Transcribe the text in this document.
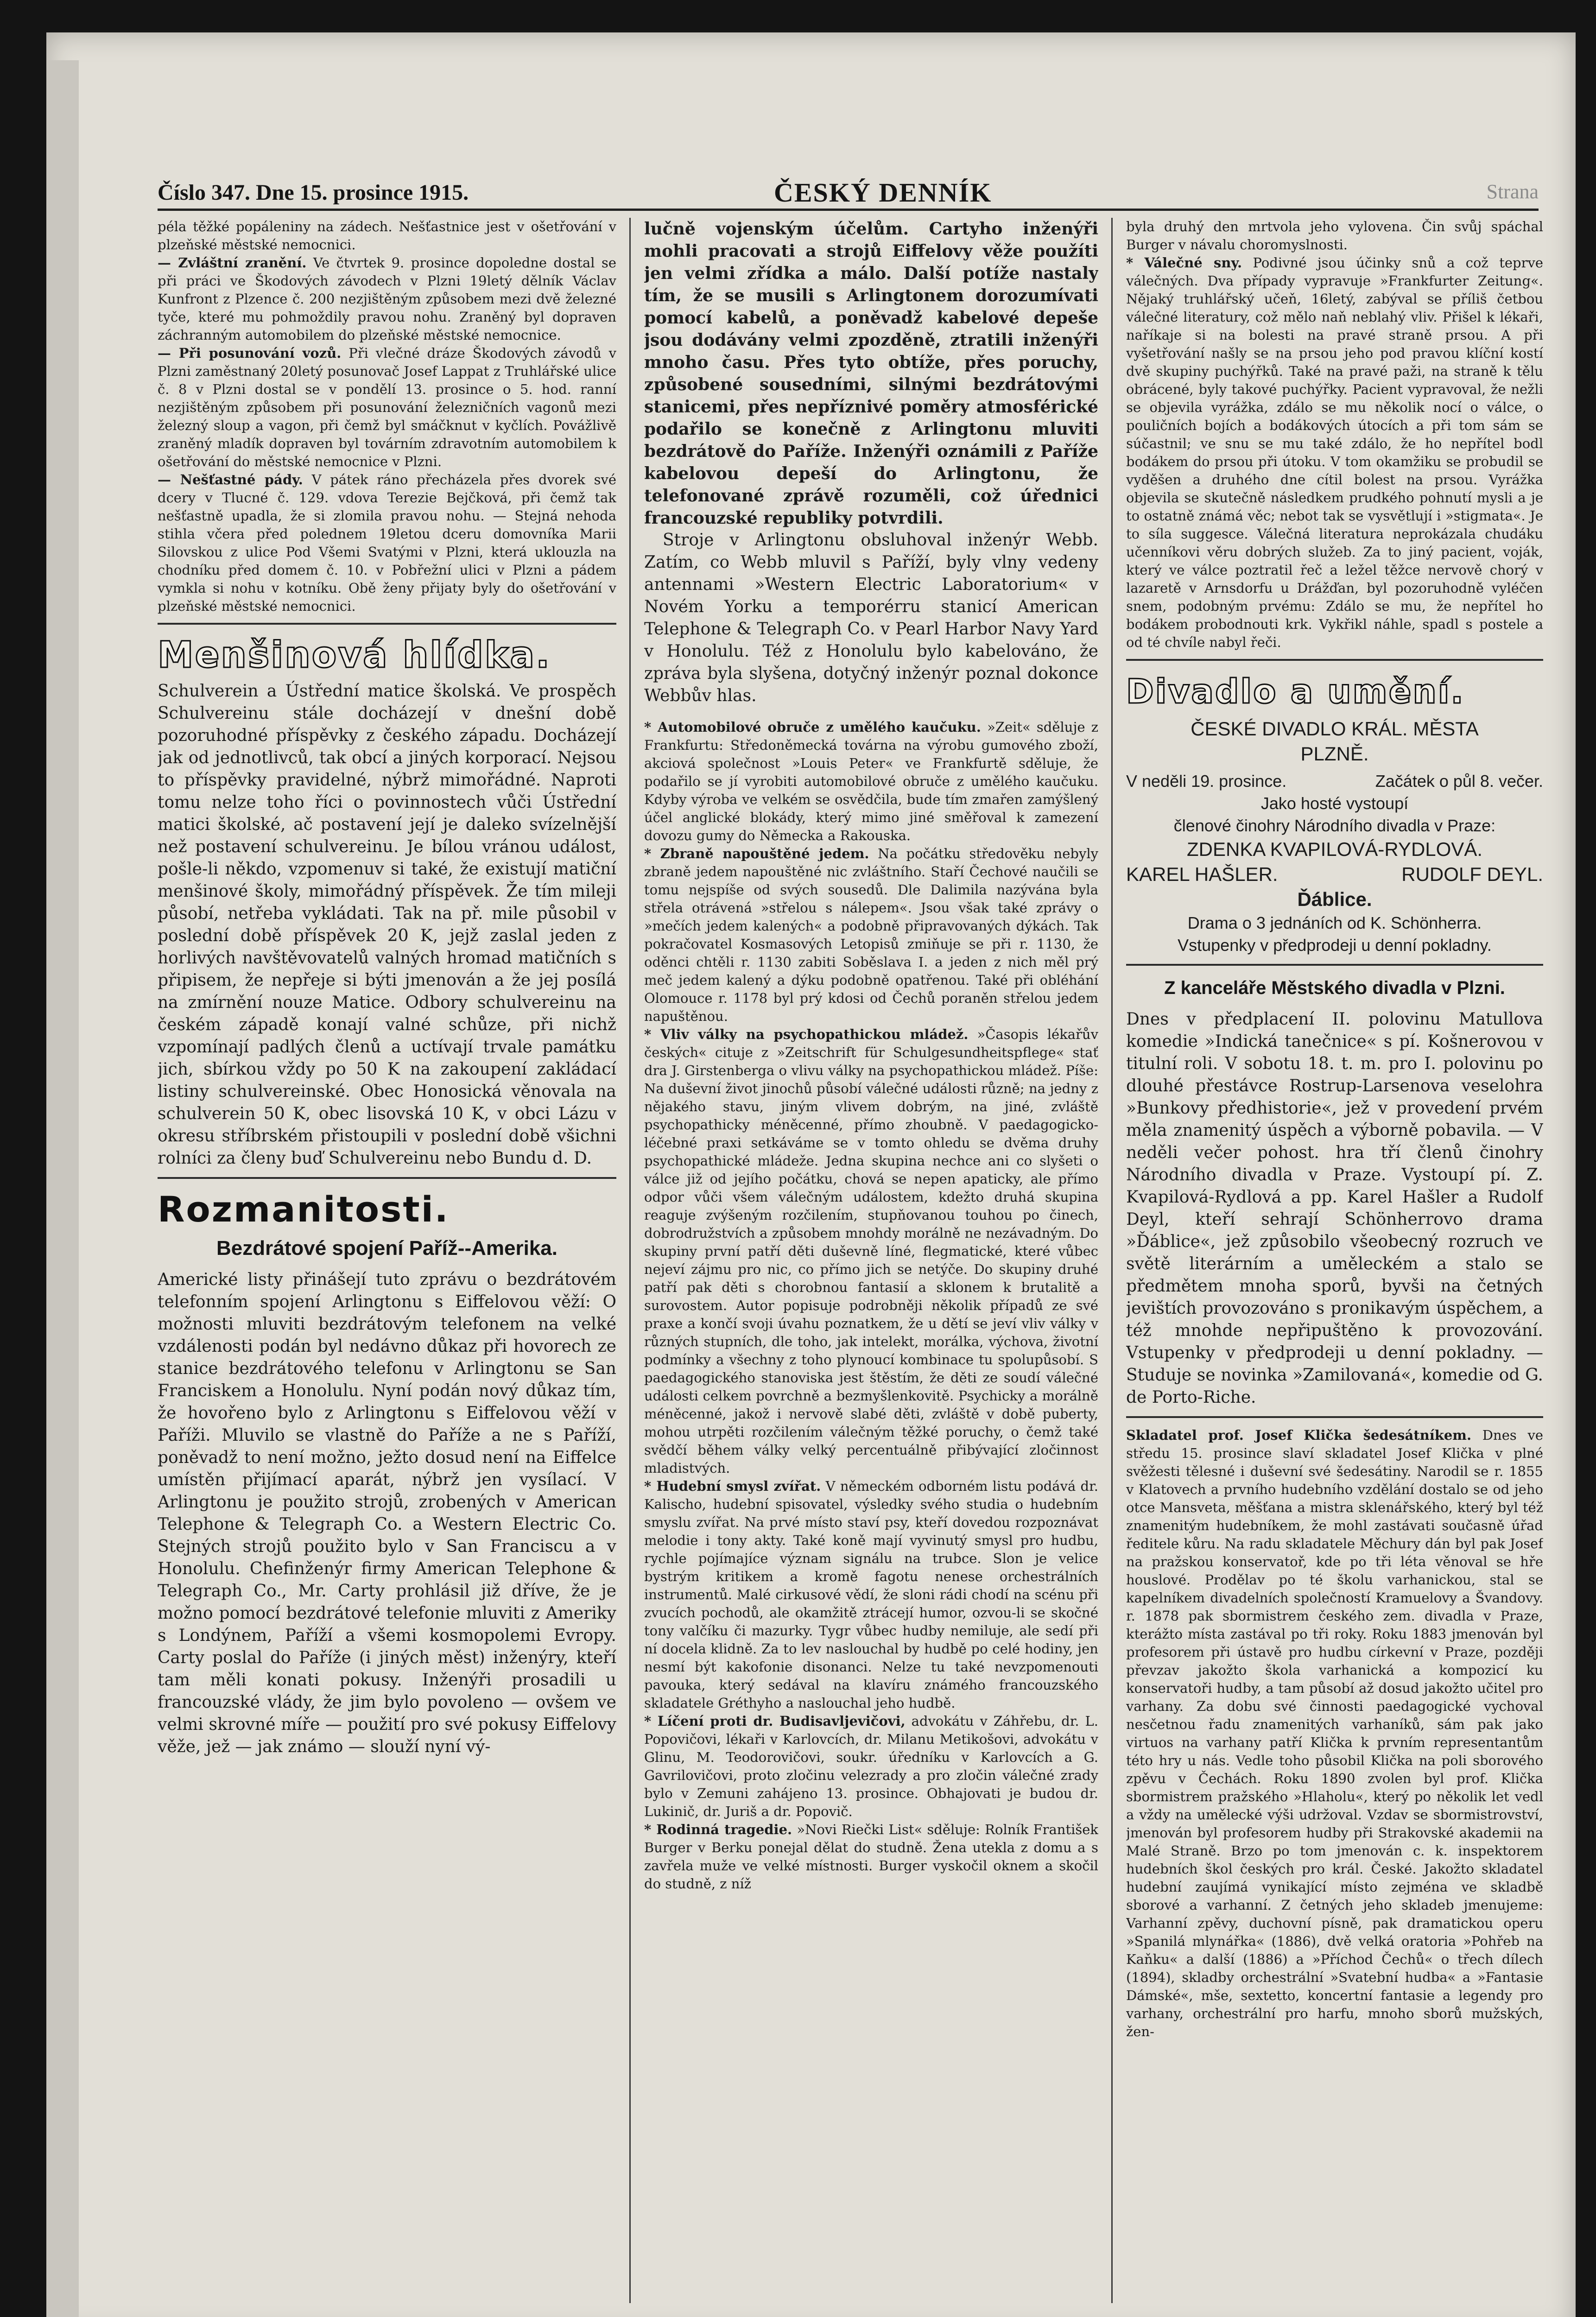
Číslo 347. Dne 15. prosince 1915.	ČESKÝ DENNÍK	Strana

péla těžké popáleniny na zádech. Nešťastnice jest v ošetřování v plzeňské městské nemocnici.

— Zvláštní zranění. Ve čtvrtek 9. prosince dopoledne dostal se při práci ve Škodových závodech v Plzni 19letý dělník Václav Kunfront z Plzence č. 200 nezjištěným způsobem mezi dvě železné tyče, které mu pohmoždily pravou nohu. Zraněný byl dopraven záchranným automobilem do plzeňské městské nemocnice.

— Při posunování vozů. Při vlečné dráze Škodových závodů v Plzni zaměstnaný 20letý posunovač Josef Lappat z Truhlářské ulice č. 8 v Plzni dostal se v pondělí 13. prosince o 5. hod. ranní nezjištěným způsobem při posunování železničních vagonů mezi železný sloup a vagon, při čemž byl smáčknut v kyčlích. Povážlivě zraněný mladík dopraven byl továrním zdravotním automobilem k ošetřování do městské nemocnice v Plzni.

— Nešťastné pády. V pátek ráno přecházela přes dvorek své dcery v Tlucné č. 129. vdova Terezie Bejčková, při čemž tak nešťastně upadla, že si zlomila pravou nohu. — Stejná nehoda stihla včera před polednem 19letou dceru domovníka Marii Silovskou z ulice Pod Všemi Svatými v Plzni, která uklouzla na chodníku před domem č. 10. v Pobřežní ulici v Plzni a pádem vymkla si nohu v kotníku. Obě ženy přijaty byly do ošetřování v plzeňské městské nemocnici.

Menšinová hlídka.

Schulverein a Ústřední matice školská. Ve prospěch Schulvereinu stále docházejí v dnešní době pozoruhodné příspěvky z českého západu. Docházejí jak od jednotlivců, tak obcí a jiných korporací. Nejsou to příspěvky pravidelné, nýbrž mimořádné. Naproti tomu nelze toho říci o povinnostech vůči Ústřední matici školské, ač postavení její je daleko svízelnější než postavení schulvereinu. Je bílou vránou událost, pošle-li někdo, vzpomenuv si také, že existují matiční menšinové školy, mimořádný příspěvek. Že tím mileji působí, netřeba vykládati. Tak na př. mile působil v poslední době příspěvek 20 K, jejž zaslal jeden z horlivých navštěvovatelů valných hromad matičních s připisem, že nepřeje si býti jmenován a že jej posílá na zmírnění nouze Matice. Odbory schulvereinu na českém západě konají valné schůze, při nichž vzpomínají padlých členů a uctívají trvale památku jich, sbírkou vždy po 50 K na zakoupení zakládací listiny schulvereinské. Obec Honosická věnovala na schulverein 50 K, obec lisovská 10 K, v obci Lázu v okresu stříbrském přistoupili v poslední době všichni rolníci za členy buď Schulvereinu nebo Bundu d. D.

Rozmanitosti.
Bezdrátové spojení Paříž--Amerika.

Americké listy přinášejí tuto zprávu o bezdrátovém telefonním spojení Arlingtonu s Eiffelovou věží: O možnosti mluviti bezdrátovým telefonem na velké vzdálenosti podán byl nedávno důkaz při hovorech ze stanice bezdrátového telefonu v Arlingtonu se San Franciskem a Honolulu. Nyní podán nový důkaz tím, že hovořeno bylo z Arlingtonu s Eiffelovou věží v Paříži. Mluvilo se vlastně do Paříže a ne s Paříží, poněvadž to není možno, ježto dosud není na Eiffelce umístěn přijímací aparát, nýbrž jen vysílací. V Arlingtonu je použito strojů, zrobených v American Telephone & Telegraph Co. a Western Electric Co. Stejných strojů použito bylo v San Franciscu a v Honolulu. Chefinženýr firmy American Telephone & Telegraph Co., Mr. Carty prohlásil již dříve, že je možno pomocí bezdrátové telefonie mluviti z Ameriky s Londýnem, Paříží a všemi kosmopolemi Evropy. Carty poslal do Paříže (i jiných měst) inženýry, kteří tam měli konati pokusy. Inženýři prosadili u francouzské vlády, že jim bylo povoleno — ovšem ve velmi skrovné míře — použití pro své pokusy Eiffelovy věže, jež — jak známo — slouží nyní vý-

lučně vojenským účelům. Cartyho inženýři mohli pracovati a strojů Eiffelovy věže použíti jen velmi zřídka a málo. Další potíže nastaly tím, že se musili s Arlingtonem dorozumívati pomocí kabelů, a poněvadž kabelové depeše jsou dodávány velmi zpozděně, ztratili inženýři mnoho času. Přes tyto obtíže, přes poruchy, způsobené sousedními, silnými bezdrátovými stanicemi, přes nepříznivé poměry atmosférické podařilo se konečně z Arlingtonu mluviti bezdrátově do Paříže. Inženýři oznámili z Paříže kabelovou depeší do Arlingtonu, že telefonované zprávě rozuměli, což úřednici francouzské republiky potvrdili.

Stroje v Arlingtonu obsluhoval inženýr Webb. Zatím, co Webb mluvil s Paříží, byly vlny vedeny antennami »Western Electric Laboratorium« v Novém Yorku a temporérru stanicí American Telephone & Telegraph Co. v Pearl Harbor Navy Yard v Honolulu. Též z Honolulu bylo kabelováno, že zpráva byla slyšena, dotyčný inženýr poznal dokonce Webbův hlas.

* Automobilové obruče z umělého kaučuku. »Zeit« sděluje z Frankfurtu: Středoněmecká továrna na výrobu gumového zboží, akciová společnost »Louis Peter« ve Frankfurtě sděluje, že podařilo se jí vyrobiti automobilové obruče z umělého kaučuku. Kdyby výroba ve velkém se osvědčila, bude tím zmařen zamýšlený účel anglické blokády, který mimo jiné směřoval k zamezení dovozu gumy do Německa a Rakouska.

* Zbraně napouštěné jedem. Na počátku středověku nebyly zbraně jedem napouštěné nic zvláštního. Staří Čechové naučili se tomu nejspíše od svých sousedů. Dle Dalimila nazývána byla střela otrávená »střelou s nálepem«. Jsou však také zprávy o »mečích jedem kalených« a podobně připravovaných dýkách. Tak pokračovatel Kosmasových Letopisů zmiňuje se při r. 1130, že oděnci chtěli r. 1130 zabiti Soběslava I. a jeden z nich měl prý meč jedem kalený a dýku podobně opatřenou. Také při obléhání Olomouce r. 1178 byl prý kdosi od Čechů poraněn střelou jedem napuštěnou.

* Vliv války na psychopathickou mládež. »Časopis lékařův českých« cituje z »Zeitschrift für Schulgesundheitspflege« stať dra J. Girstenberga o vlivu války na psychopathickou mládež. Píše: Na duševní život jinochů působí válečné události různě; na jedny z nějakého stavu, jiným vlivem dobrým, na jiné, zvláště psychopathicky méněcenné, přímo zhoubně. V paedagogicko-léčebné praxi setkáváme se v tomto ohledu se dvěma druhy psychopathické mládeže. Jedna skupina nechce ani co slyšeti o válce již od jejího počátku, chová se nepen apaticky, ale přímo odpor vůči všem válečným událostem, kdežto druhá skupina reaguje zvýšeným rozčilením, stupňovanou touhou po činech, dobrodružstvích a způsobem mnohdy morálně ne nezávadným. Do skupiny první patří děti duševně líné, flegmatické, které vůbec nejeví zájmu pro nic, co přímo jich se netýče. Do skupiny druhé patří pak děti s chorobnou fantasií a sklonem k brutalitě a surovostem. Autor popisuje podrobněji několik případů ze své praxe a končí svoji úvahu poznatkem, že u dětí se jeví vliv války v různých stupních, dle toho, jak intelekt, morálka, výchova, životní podmínky a všechny z toho plynoucí kombinace tu spolupůsobí. S paedagogického stanoviska jest štěstím, že děti ze soudí válečné události celkem povrchně a bezmyšlenkovitě. Psychicky a morálně méněcenné, jakož i nervově slabé děti, zvláště v době puberty, mohou utrpěti rozčilením válečným těžké poruchy, o čemž také svědčí během války velký percentuálně přibývající zločinnost mladistvých.

* Hudební smysl zvířat. V německém odborném listu podává dr. Kalischo, hudební spisovatel, výsledky svého studia o hudebním smyslu zvířat. Na prvé místo staví psy, kteří dovedou rozpoznávat melodie i tony akty. Také koně mají vyvinutý smysl pro hudbu, rychle pojímajíce význam signálu na trubce. Slon je velice bystrým kritikem a kromě fagotu nenese orchestrálních instrumentů. Malé cirkusové vědí, že sloni rádi chodí na scénu při zvucích pochodů, ale okamžitě ztrácejí humor, ozvou-li se skočné tony valčíku či mazurky. Tygr vůbec hudby nemiluje, ale sedí při ní docela klidně. Za to lev naslouchal by hudbě po celé hodiny, jen nesmí být kakofonie disonanci. Nelze tu také nevzpomenouti pavouka, který sedával na klavíru známého francouzského skladatele Gréthyho a naslouchal jeho hudbě.

* Líčení proti dr. Budisavljevičovi, advokátu v Záhřebu, dr. L. Popovičovi, lékaři v Karlovcích, dr. Milanu Metikošovi, advokátu v Glinu, M. Teodorovičovi, soukr. úředníku v Karlovcích a G. Gavrilovičovi, proto zločinu velezrady a pro zločin válečné zrady bylo v Zemuni zahájeno 13. prosince. Obhajovati je budou dr. Lukinič, dr. Juriš a dr. Popovič.

* Rodinná tragedie. »Novi Riečki List« sděluje: Rolník František Burger v Berku ponejal dělat do studně. Žena utekla z domu a s zavřela muže ve velké místnosti. Burger vyskočil oknem a skočil do studně, z níž

byla druhý den mrtvola jeho vylovena. Čin svůj spáchal Burger v návalu choromyslnosti.

* Válečné sny. Podivné jsou účinky snů a což teprve válečných. Dva případy vypravuje »Frankfurter Zeitung«. Nějaký truhlářský učeň, 16letý, zabýval se příliš četbou válečné literatury, což mělo naň neblahý vliv. Přišel k lékaři, naříkaje si na bolesti na pravé straně prsou. A při vyšetřování našly se na prsou jeho pod pravou klíční kostí dvě skupiny puchýřků. Také na pravé paži, na straně k tělu obrácené, byly takové puchýřky. Pacient vypravoval, že nežli se objevila vyrážka, zdálo se mu několik nocí o válce, o pouličních bojích a bodákových útocích a při tom sám se súčastnil; ve snu se mu také zdálo, že ho nepřítel bodl bodákem do prsou při útoku. V tom okamžiku se probudil se vyděšen a druhého dne cítil bolest na prsou. Vyrážka objevila se skutečně následkem prudkého pohnutí mysli a je to ostatně známá věc; nebot tak se vysvětlují i »stigmata«. Je to síla suggesce. Válečná literatura neprokázala chudáku učenníkovi věru dobrých služeb. Za to jiný pacient, voják, který ve válce poztratil řeč a ležel těžce nervově chorý v lazaretě v Arnsdorfu u Drážďan, byl pozoruhodně vyléčen snem, podobným prvému: Zdálo se mu, že nepřítel ho bodákem probodnouti krk. Vykřikl náhle, spadl s postele a od té chvíle nabyl řeči.

Divadlo a umění.

ČESKÉ DIVADLO KRÁL. MĚSTA

PLZNĚ.

V neděli 19. prosince.	Začátek o půl 8. večer.

Jako hosté vystoupí

členové činohry Národního divadla v Praze:

ZDENKA KVAPILOVÁ-RYDLOVÁ.

KAREL HAŠLER.	RUDOLF DEYL.

Ďáblice.

Drama o 3 jednáních od K. Schönherra.

Vstupenky v předprodeji u denní pokladny.

Z kanceláře Městského divadla v Plzni.

Dnes v předplacení II. polovinu Matullova komedie »Indická tanečnice« s pí. Košnerovou v titulní roli. V sobotu 18. t. m. pro I. polovinu po dlouhé přestávce Rostrup-Larsenova veselohra »Bunkovy předhistorie«, jež v provedení prvém měla znamenitý úspěch a výborně pobavila. — V neděli večer pohost. hra tří členů činohry Národního divadla v Praze. Vystoupí pí. Z. Kvapilová-Rydlová a pp. Karel Hašler a Rudolf Deyl, kteří sehrají Schönherrovo drama »Ďáblice«, jež způsobilo všeobecný rozruch ve světě literárním a uměleckém a stalo se předmětem mnoha sporů, byvši na četných jevištích provozováno s pronikavým úspěchem, a též mnohde nepřipuštěno k provozování. Vstupenky v předprodeji u denní pokladny. — Studuje se novinka »Zamilovaná«, komedie od G. de Porto-Riche.

Skladatel prof. Josef Klička šedesátníkem. Dnes ve středu 15. prosince slaví skladatel Josef Klička v plné svěžesti tělesné i duševní své šedesátiny. Narodil se r. 1855 v Klatovech a prvního hudebního vzdělání dostalo se od jeho otce Mansveta, měšťana a mistra sklenářského, který byl též znamenitým hudebníkem, že mohl zastávati současně úřad ředitele kůru. Na radu skladatele Měchury dán byl pak Josef na pražskou konservatoř, kde po tři léta věnoval se hře houslové. Prodělav po té školu varhanickou, stal se kapelníkem divadelních společností Kramuelovy a Švandovy. r. 1878 pak sbormistrem českého zem. divadla v Praze, kterážto místa zastával po tři roky. Roku 1883 jmenován byl profesorem při ústavě pro hudbu církevní v Praze, později převzav jakožto škola varhanická a kompozicí ku konservatoři hudby, a tam působí až dosud jakožto učitel pro varhany. Za dobu své činnosti paedagogické vychoval nesčetnou řadu znamenitých varhaníků, sám pak jako virtuos na varhany patří Klička k prvním representantům této hry u nás. Vedle toho působil Klička na poli sborového zpěvu v Čechách. Roku 1890 zvolen byl prof. Klička sbormistrem pražského »Hlaholu«, který po několik let vedl a vždy na umělecké výši udržoval. Vzdav se sbormistrovství, jmenován byl profesorem hudby při Strakovské akademii na Malé Straně. Brzo po tom jmenován c. k. inspektorem hudebních škol českých pro král. České. Jakožto skladatel hudební zaujímá vynikající místo zejména ve skladbě sborové a varhanní. Z četných jeho skladeb jmenujeme: Varhanní zpěvy, duchovní písně, pak dramatickou operu »Spanilá mlynářka« (1886), dvě velká oratoria »Pohřeb na Kaňku« a další (1886) a »Příchod Čechů« o třech dílech (1894), skladby orchestrální »Svatební hudba« a »Fantasie Dámské«, mše, sextetto, koncertní fantasie a legendy pro varhany, orchestrální pro harfu, mnoho sborů mužských, žen-
